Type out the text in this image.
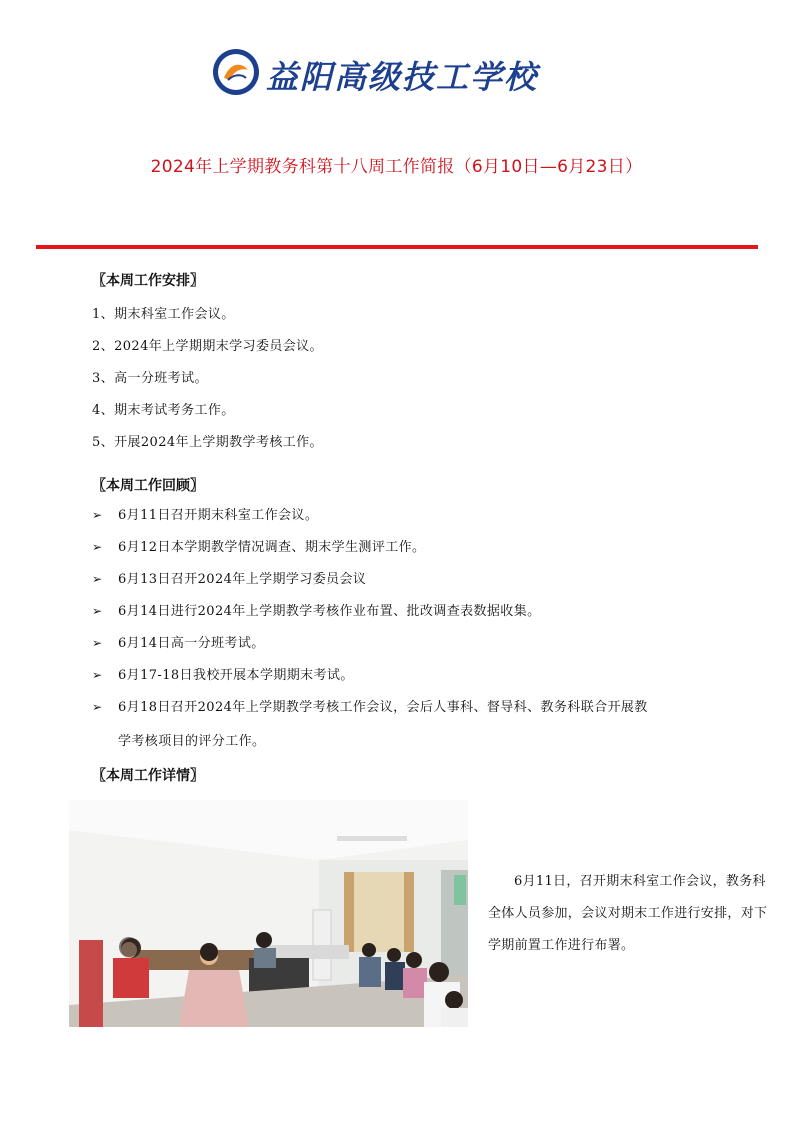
益阳高级技工学校
2024年上学期教务科第十八周工作简报（6月10日—6月23日）
〖本周工作安排〗
1、期末科室工作会议。
2、2024年上学期期末学习委员会议。
3、高一分班考试。
4、期末考试考务工作。
5、开展2024年上学期教学考核工作。
〖本周工作回顾〗
➢ 6月11日召开期末科室工作会议。
➢ 6月12日本学期教学情况调查、期末学生测评工作。
➢ 6月13日召开2024年上学期学习委员会议
➢ 6月14日进行2024年上学期教学考核作业布置、批改调查表数据收集。
➢ 6月14日高一分班考试。
➢ 6月17-18日我校开展本学期期末考试。
➢ 6月18日召开2024年上学期教学考核工作会议，会后人事科、督导科、教务科联合开展教
学考核项目的评分工作。
〖本周工作详情〗
6月11日，召开期末科室工作会议，教务科全体人员参加，会议对期末工作进行安排，对下学期前置工作进行布署。
